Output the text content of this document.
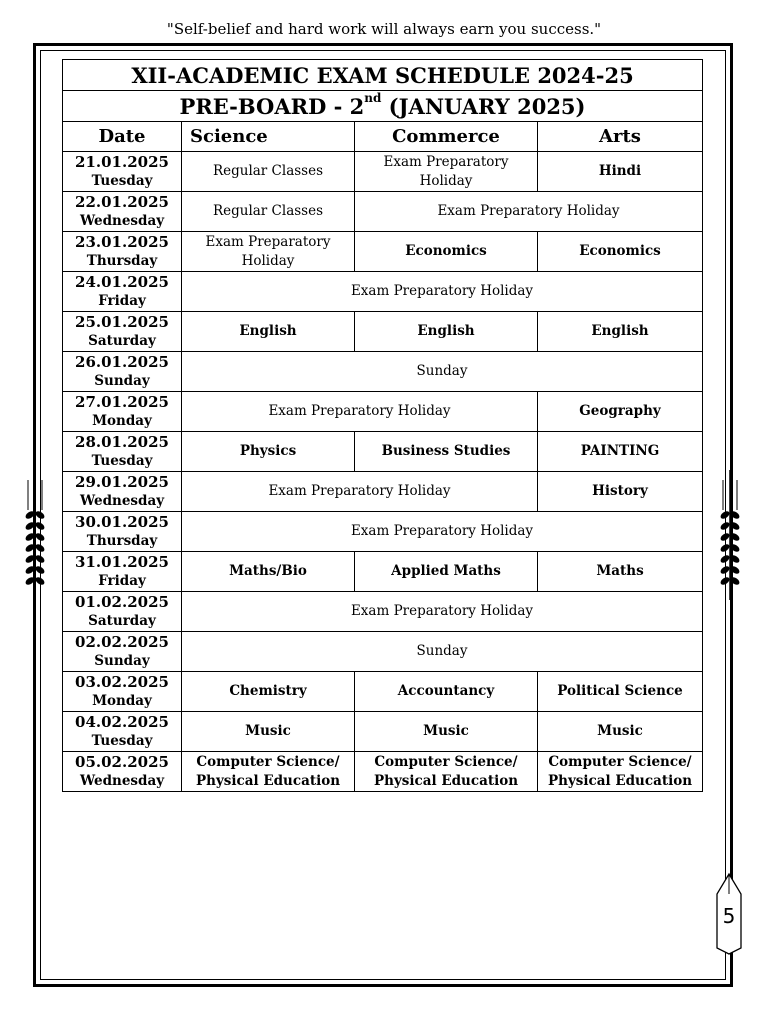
"Self-belief and hard work will always earn you success."
5
XII-ACADEMIC EXAM SCHEDULE 2024-25			
PRE-BOARD - 2nd (JANUARY 2025)			
Date	Science	Commerce	Arts

21.01.2025
Tuesday	Regular Classes	Exam Preparatory Holiday	Hindi

22.01.2025
Wednesday	Regular Classes	Exam Preparatory Holiday	

23.01.2025
Thursday	Exam Preparatory Holiday	Economics	Economics

24.01.2025
Friday	Exam Preparatory Holiday		

25.01.2025
Saturday	English	English	English

26.01.2025
Sunday	Sunday		

27.01.2025
Monday	Exam Preparatory Holiday		Geography

28.01.2025
Tuesday	Physics	Business Studies	PAINTING

29.01.2025
Wednesday	Exam Preparatory Holiday		History

30.01.2025
Thursday	Exam Preparatory Holiday		

31.01.2025
Friday	Maths/Bio	Applied Maths	Maths

01.02.2025
Saturday	Exam Preparatory Holiday		

02.02.2025
Sunday	Sunday		

03.02.2025
Monday	Chemistry	Accountancy	Political Science

04.02.2025
Tuesday	Music	Music	Music

05.02.2025
Wednesday	Computer Science/ Physical Education	Computer Science/ Physical Education	Computer Science/ Physical Education
